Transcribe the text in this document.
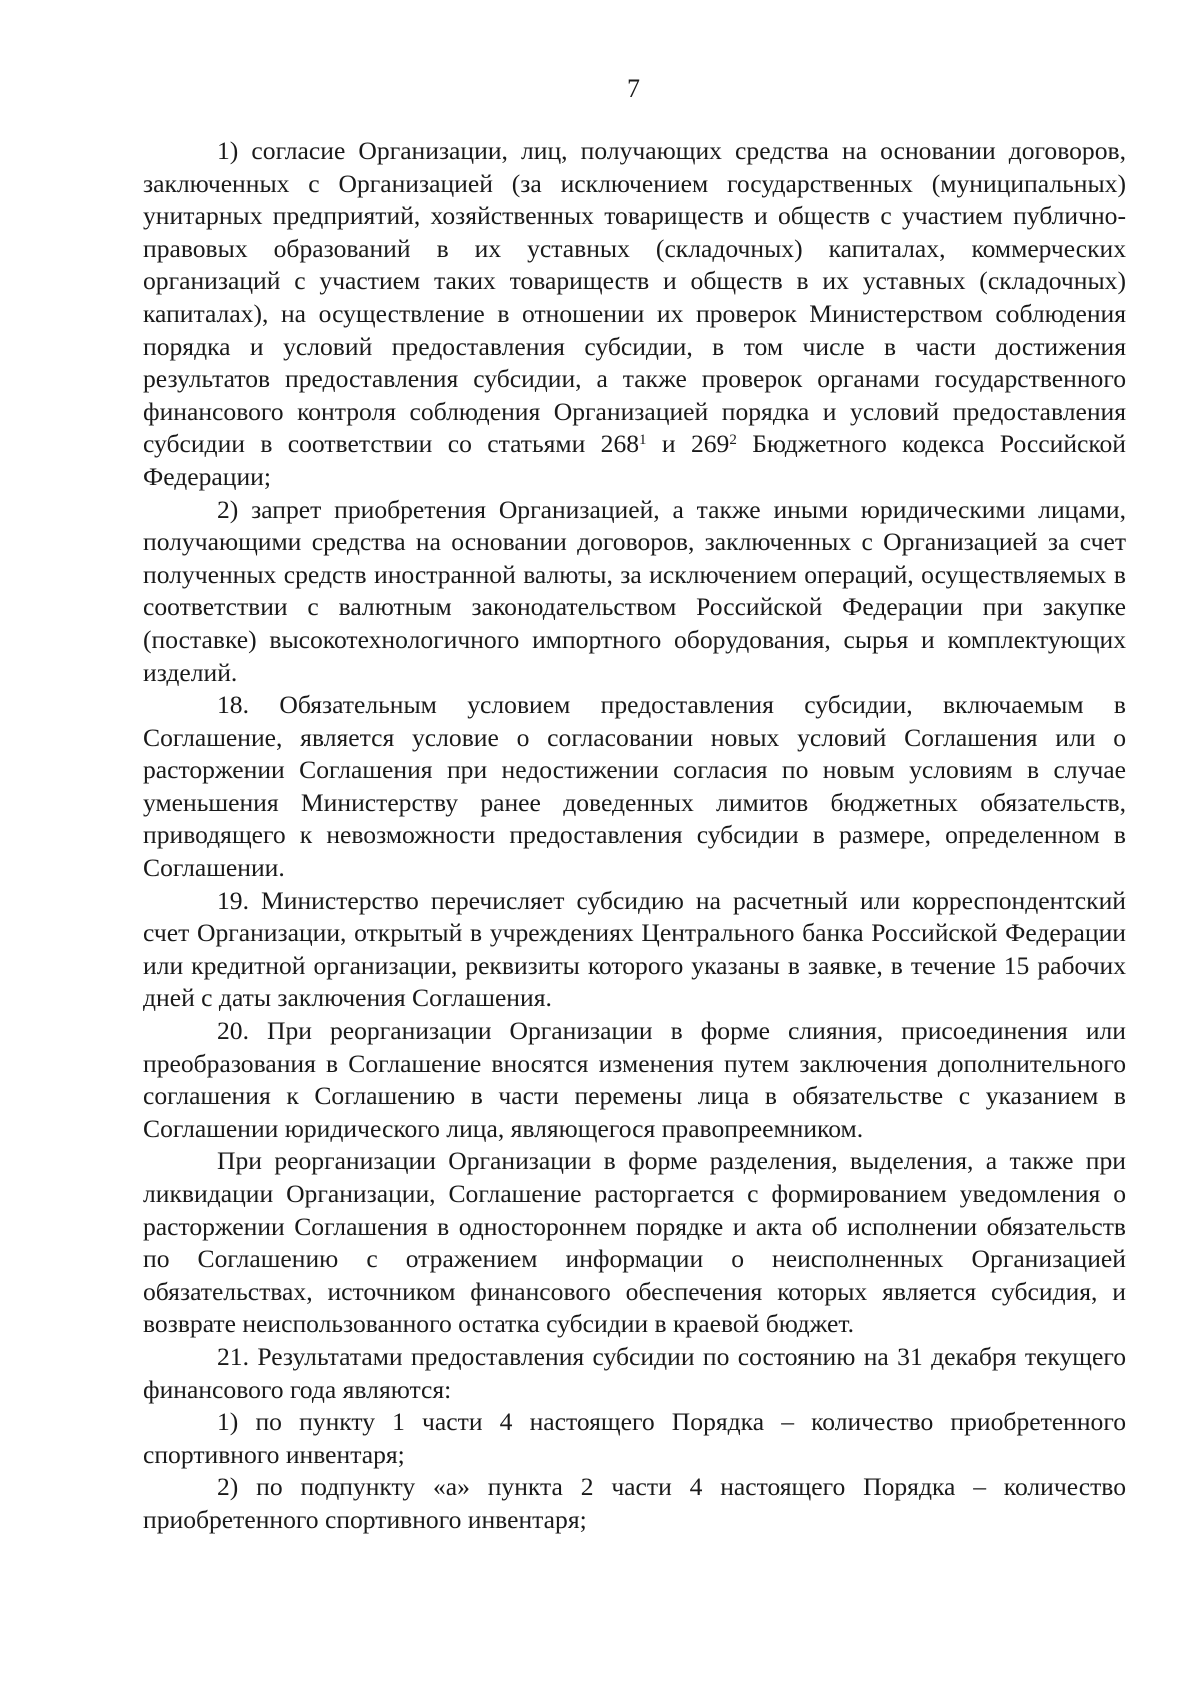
7

1) согласие Организации, лиц, получающих средства на основании договоров, заключенных с Организацией (за исключением государственных (муниципальных) унитарных предприятий, хозяйственных товариществ и обществ с участием публично-правовых образований в их уставных (складочных) капиталах, коммерческих организаций с участием таких товариществ и обществ в их уставных (складочных) капиталах), на осуществление в отношении их проверок Министерством соблюдения порядка и условий предоставления субсидии, в том числе в части достижения результатов предоставления субсидии, а также проверок органами государственного финансового контроля соблюдения Организацией порядка и условий предоставления субсидии в соответствии со статьями $268^1$ и $269^2$ Бюджетного кодекса Российской Федерации;

2) запрет приобретения Организацией, а также иными юридическими лицами, получающими средства на основании договоров, заключенных с Организацией за счет полученных средств иностранной валюты, за исключением операций, осуществляемых в соответствии с валютным законодательством Российской Федерации при закупке (поставке) высокотехнологичного импортного оборудования, сырья и комплектующих изделий.

18. Обязательным условием предоставления субсидии, включаемым в Соглашение, является условие о согласовании новых условий Соглашения или о расторжении Соглашения при недостижении согласия по новым условиям в случае уменьшения Министерству ранее доведенных лимитов бюджетных обязательств, приводящего к невозможности предоставления субсидии в размере, определенном в Соглашении.

19. Министерство перечисляет субсидию на расчетный или корреспондентский счет Организации, открытый в учреждениях Центрального банка Российской Федерации или кредитной организации, реквизиты которого указаны в заявке, в течение 15 рабочих дней с даты заключения Соглашения.

20. При реорганизации Организации в форме слияния, присоединения или преобразования в Соглашение вносятся изменения путем заключения дополнительного соглашения к Соглашению в части перемены лица в обязательстве с указанием в Соглашении юридического лица, являющегося правопреемником.

При реорганизации Организации в форме разделения, выделения, а также при ликвидации Организации, Соглашение расторгается с формированием уведомления о расторжении Соглашения в одностороннем порядке и акта об исполнении обязательств по Соглашению с отражением информации о неисполненных Организацией обязательствах, источником финансового обеспечения которых является субсидия, и возврате неиспользованного остатка субсидии в краевой бюджет.

21. Результатами предоставления субсидии по состоянию на 31 декабря текущего финансового года являются:

1) по пункту 1 части 4 настоящего Порядка – количество приобретенного спортивного инвентаря;

2) по подпункту «а» пункта 2 части 4 настоящего Порядка – количество приобретенного спортивного инвентаря;
